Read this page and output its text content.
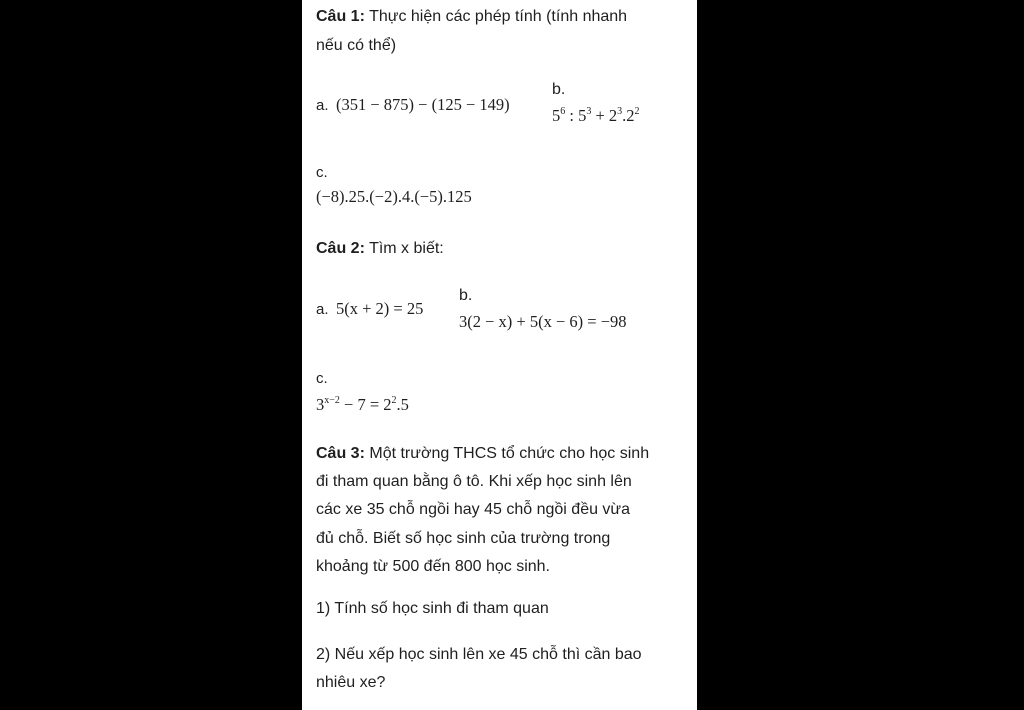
Câu 1: Thực hiện các phép tính (tính nhanh
nếu có thể)
a. (351 − 875) − (125 − 149)
b.
$5^6$ : $5^3 + 2^3.2^2$
c.
(−8).25.(−2).4.(−5).125
Câu 2: Tìm x biết:
a. 5(x + 2) = 25
b.
3(2 − x) + 5(x − 6) = −98
c.
$3^{x-2} - 7 = 2^2.5$
Câu 3: Một trường THCS tổ chức cho học sinh
đi tham quan bằng ô tô. Khi xếp học sinh lên
các xe 35 chỗ ngồi hay 45 chỗ ngồi đều vừa
đủ chỗ. Biết số học sinh của trường trong
khoảng từ 500 đến 800 học sinh.
1) Tính số học sinh đi tham quan
2) Nếu xếp học sinh lên xe 45 chỗ thì cần bao
nhiêu xe?
